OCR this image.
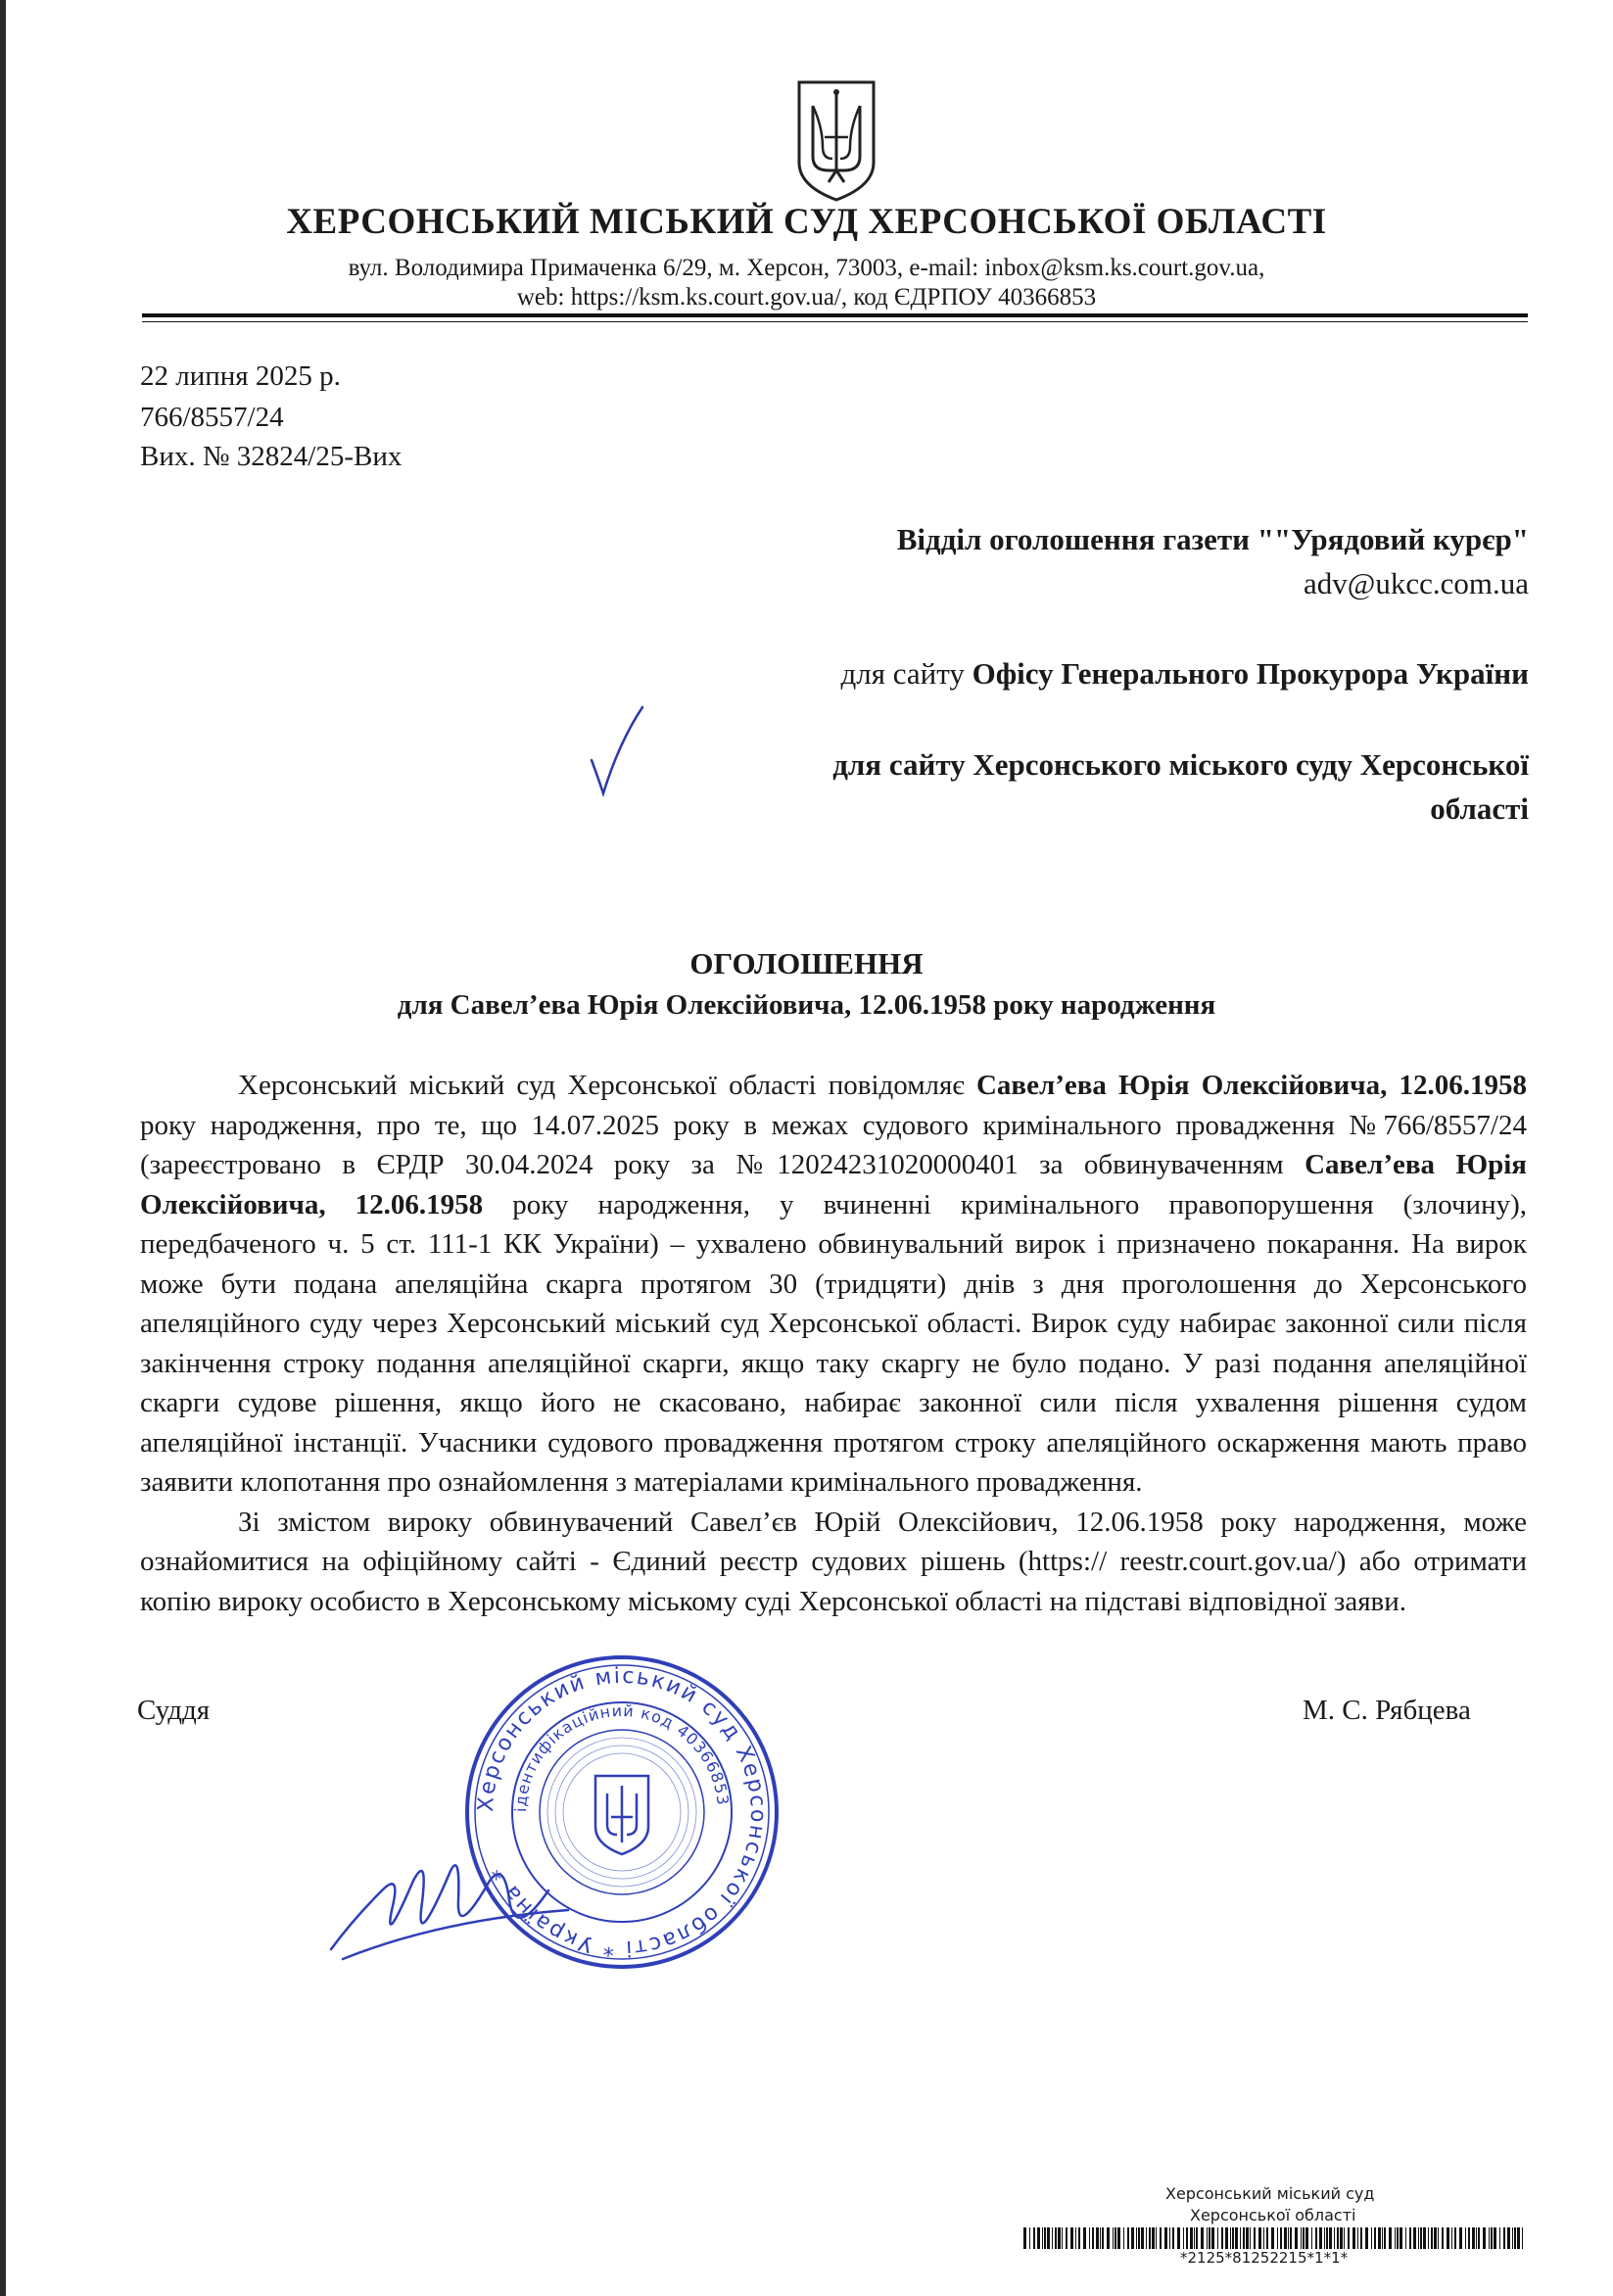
ХЕРСОНСЬКИЙ МІСЬКИЙ СУД ХЕРСОНСЬКОЇ ОБЛАСТІ
вул. Володимира Примаченка 6/29, м. Херсон, 73003, e-mail: inbox@ksm.ks.court.gov.ua,
web: https://ksm.ks.court.gov.ua/, код ЄДРПОУ 40366853
22 липня 2025 р.
766/8557/24
Вих. № 32824/25-Вих
Відділ оголошення газети ""Урядовий курєр"
adv@ukcc.com.ua
для сайту Офісу Генерального Прокурора України
для сайту Херсонського міського суду Херсонської
області
ОГОЛОШЕННЯ
для Савел’ева Юрія Олексійовича, 12.06.1958 року народження

Херсонський міський суд Херсонської області повідомляє Савел’ева Юрія Олексійовича, 12.06.1958 року народження, про те, що 14.07.2025 року в межах судового кримінального провадження №766/8557/24 (зареєстровано в ЄРДР 30.04.2024 року за №12024231020000401 за обвинуваченням Савел’ева Юрія Олексійовича, 12.06.1958 року народження, у вчиненні кримінального правопорушення (злочину), передбаченого ч. 5 ст. 111-1 КК України) – ухвалено обвинувальний вирок і призначено покарання. На вирок може бути подана апеляційна скарга протягом 30 (тридцяти) днів з дня проголошення до Херсонського апеляційного суду через Херсонський міський суд Херсонської області. Вирок суду набирає законної сили після закінчення строку подання апеляційної скарги, якщо таку скаргу не було подано. У разі подання апеляційної скарги судове рішення, якщо його не скасовано, набирає законної сили після ухвалення рішення судом апеляційної інстанції. Учасники судового провадження протягом строку апеляційного оскарження мають право заявити клопотання про ознайомлення з матеріалами кримінального провадження.

Зі змістом вироку обвинувачений Савел’єв Юрій Олексійович, 12.06.1958 року народження, може ознайомитися на офіційному сайті - Єдиний реєстр судових рішень (https:// reestr.court.gov.ua/) або отримати копію вироку особисто в Херсонському міському суді Херсонської області на підставі відповідної заяви.

Суддя	М. С. Рябцева
Херсонський міський суд Херсонської області * Україна *
ідентифікаційний код 40366853
Херсонський міський суд
Херсонської області
*2125*81252215*1*1*
